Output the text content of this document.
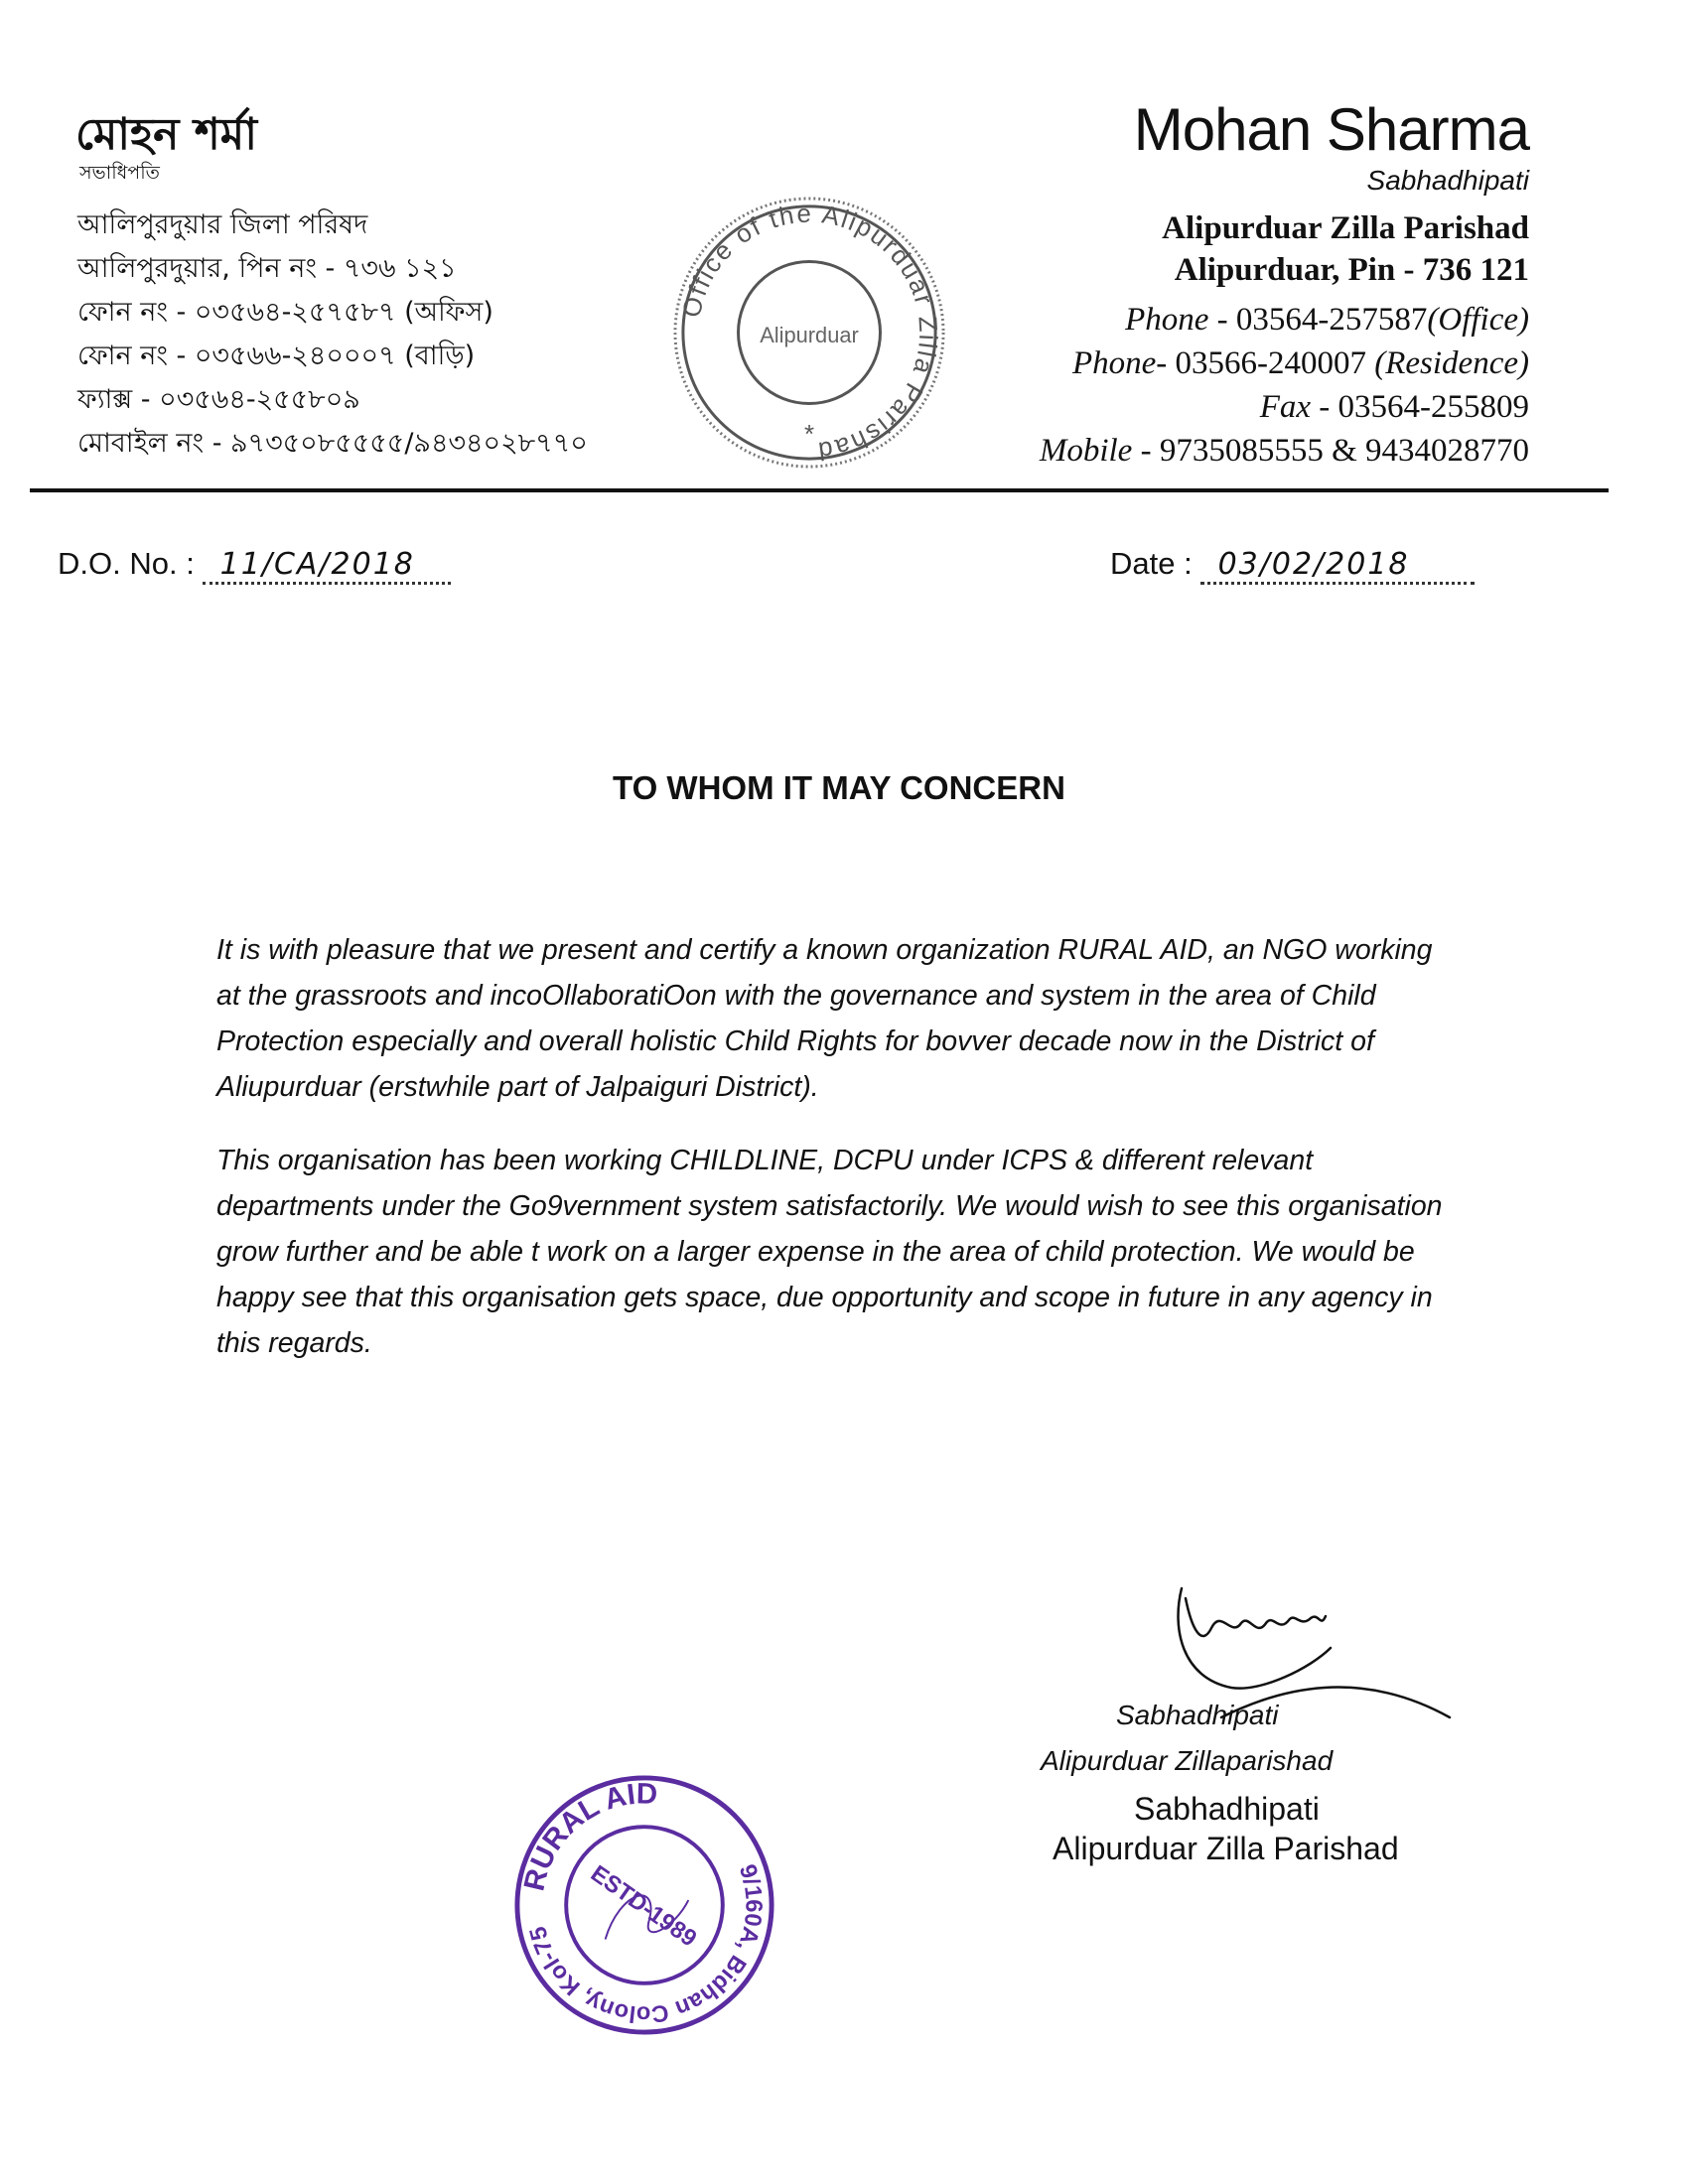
মোহন শর্মা
সভাধিপতি
আলিপুরদুয়ার জিলা পরিষদ
আলিপুরদুয়ার, পিন নং - ৭৩৬ ১২১
ফোন নং - ০৩৫৬৪-২৫৭৫৮৭ (অফিস)
ফোন নং - ০৩৫৬৬-২৪০০০৭ (বাড়ি)
ফ্যাক্স - ০৩৫৬৪-২৫৫৮০৯
মোবাইল নং - ৯৭৩৫০৮৫৫৫৫/৯৪৩৪০২৮৭৭০
Office of the Alipurduar Zilla Parishad
Alipurduar
*
Mohan Sharma
Sabhadhipati
Alipurduar Zilla Parishad
Alipurduar, Pin - 736 121
Phone - 03564-257587(Office)
Phone- 03566-240007 (Residence)
Fax - 03564-255809
Mobile - 9735085555 & 9434028770
D.O. No. : 11/CA/2018	Date : 03/02/2018
TO WHOM IT MAY CONCERN
It is with pleasure that we present and certify a known organization RURAL AID, an NGO working at the grassroots and incoOllaboratiOon with the governance and system in the area of Child Protection especially and overall holistic Child Rights for bovver decade now in the District of Aliupurduar (erstwhile part of Jalpaiguri District).
This organisation has been working CHILDLINE, DCPU under ICPS & different relevant departments under the Go9vernment system satisfactorily. We would wish to see this organisation grow further and be able t work on a larger expense in the area of child protection. We would be happy see that this organisation gets space, due opportunity and scope in future in any agency in this regards.
Sabhadhipati
Alipurduar Zillaparishad
Sabhadhipati
Alipurduar Zilla Parishad
RURAL AID
9/160A, Bidhan Colony, Kol-75	ESTD-1989
